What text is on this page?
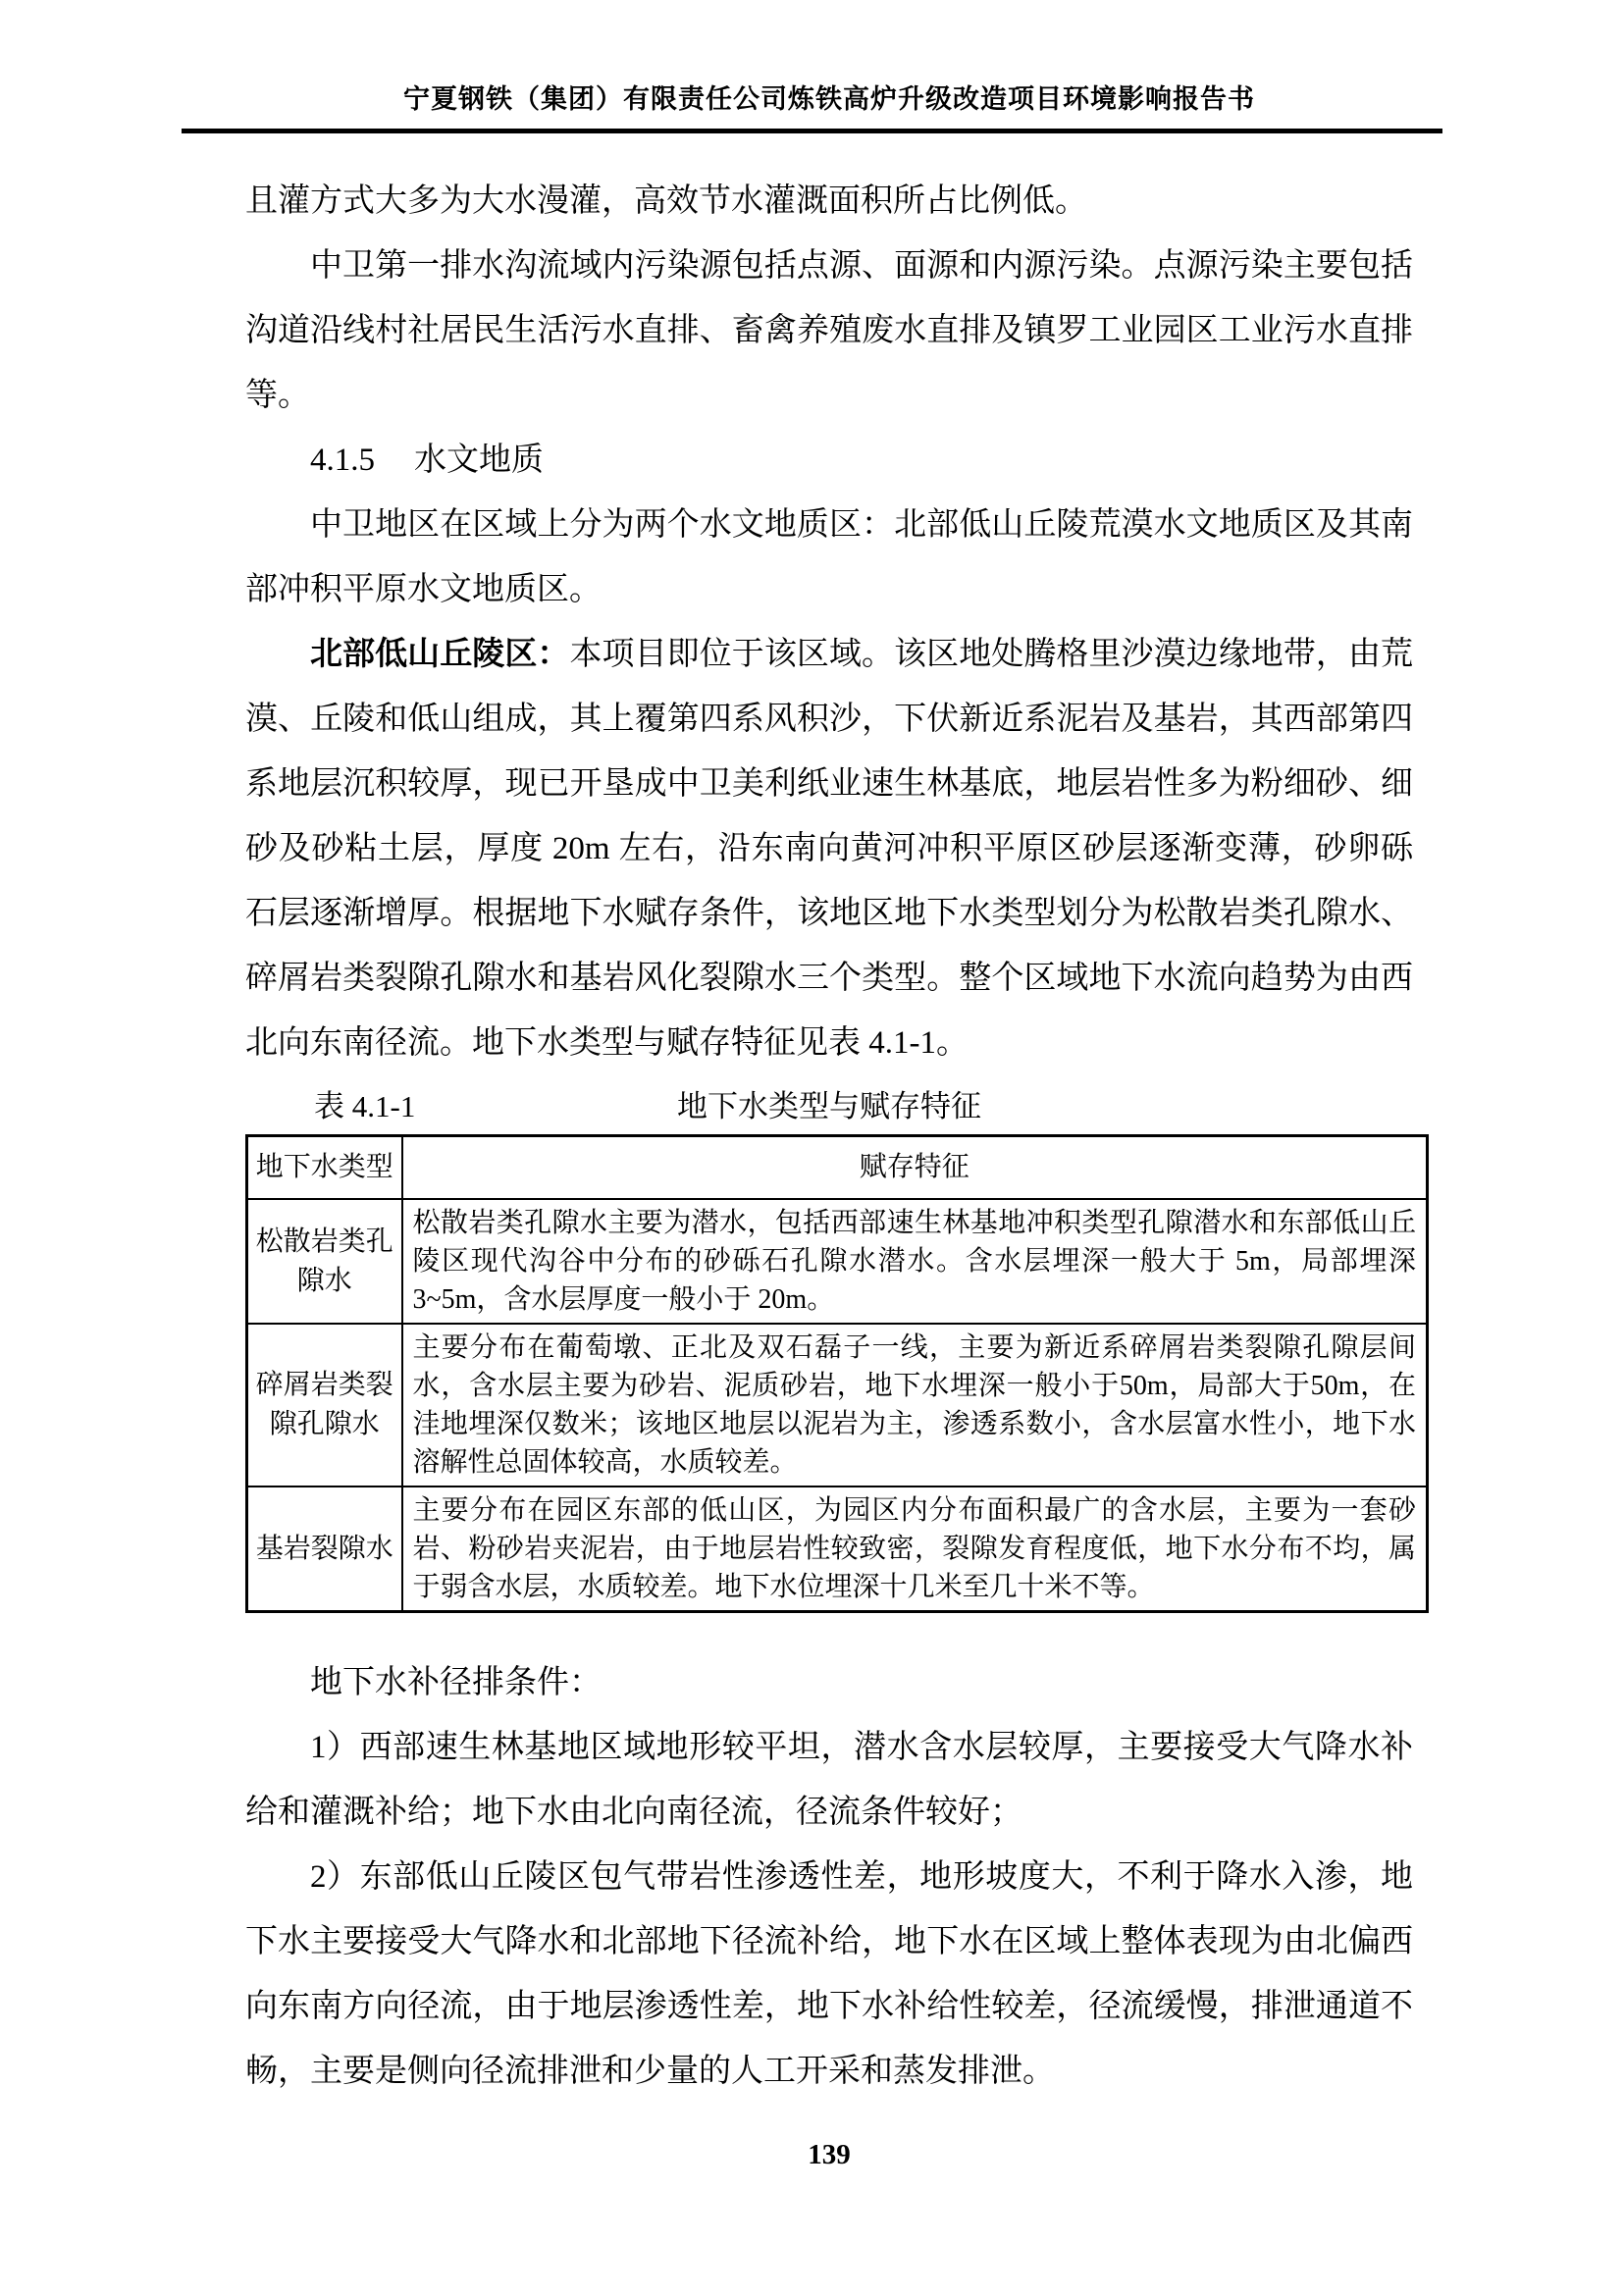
宁夏钢铁（集团）有限责任公司炼铁高炉升级改造项目环境影响报告书

且灌方式大多为大水漫灌，高效节水灌溉面积所占比例低。

中卫第一排水沟流域内污染源包括点源、面源和内源污染。点源污染主要包括沟道沿线村社居民生活污水直排、畜禽养殖废水直排及镇罗工业园区工业污水直排等。

4.1.5 水文地质

中卫地区在区域上分为两个水文地质区：北部低山丘陵荒漠水文地质区及其南部冲积平原水文地质区。

北部低山丘陵区：本项目即位于该区域。该区地处腾格里沙漠边缘地带，由荒漠、丘陵和低山组成，其上覆第四系风积沙，下伏新近系泥岩及基岩，其西部第四系地层沉积较厚，现已开垦成中卫美利纸业速生林基底，地层岩性多为粉细砂、细砂及砂粘土层，厚度 20m 左右，沿东南向黄河冲积平原区砂层逐渐变薄，砂卵砾石层逐渐增厚。根据地下水赋存条件，该地区地下水类型划分为松散岩类孔隙水、碎屑岩类裂隙孔隙水和基岩风化裂隙水三个类型。整个区域地下水流向趋势为由西北向东南径流。地下水类型与赋存特征见表 4.1-1。

表 4.1-1	地下水类型与赋存特征
地下水类型	赋存特征
松散岩类孔隙水	松散岩类孔隙水主要为潜水，包括西部速生林基地冲积类型孔隙潜水和东部低山丘陵区现代沟谷中分布的砂砾石孔隙水潜水。含水层埋深一般大于 5m，局部埋深 3~5m，含水层厚度一般小于 20m。
碎屑岩类裂隙孔隙水	主要分布在葡萄墩、正北及双石磊子一线，主要为新近系碎屑岩类裂隙孔隙层间水，含水层主要为砂岩、泥质砂岩，地下水埋深一般小于50m，局部大于50m，在洼地埋深仅数米；该地区地层以泥岩为主，渗透系数小，含水层富水性小，地下水溶解性总固体较高，水质较差。
基岩裂隙水	主要分布在园区东部的低山区，为园区内分布面积最广的含水层，主要为一套砂岩、粉砂岩夹泥岩，由于地层岩性较致密，裂隙发育程度低，地下水分布不均，属于弱含水层，水质较差。地下水位埋深十几米至几十米不等。

地下水补径排条件：

1）西部速生林基地区域地形较平坦，潜水含水层较厚，主要接受大气降水补给和灌溉补给；地下水由北向南径流，径流条件较好；

2）东部低山丘陵区包气带岩性渗透性差，地形坡度大，不利于降水入渗，地下水主要接受大气降水和北部地下径流补给，地下水在区域上整体表现为由北偏西向东南方向径流，由于地层渗透性差，地下水补给性较差，径流缓慢，排泄通道不畅，主要是侧向径流排泄和少量的人工开采和蒸发排泄。

139
